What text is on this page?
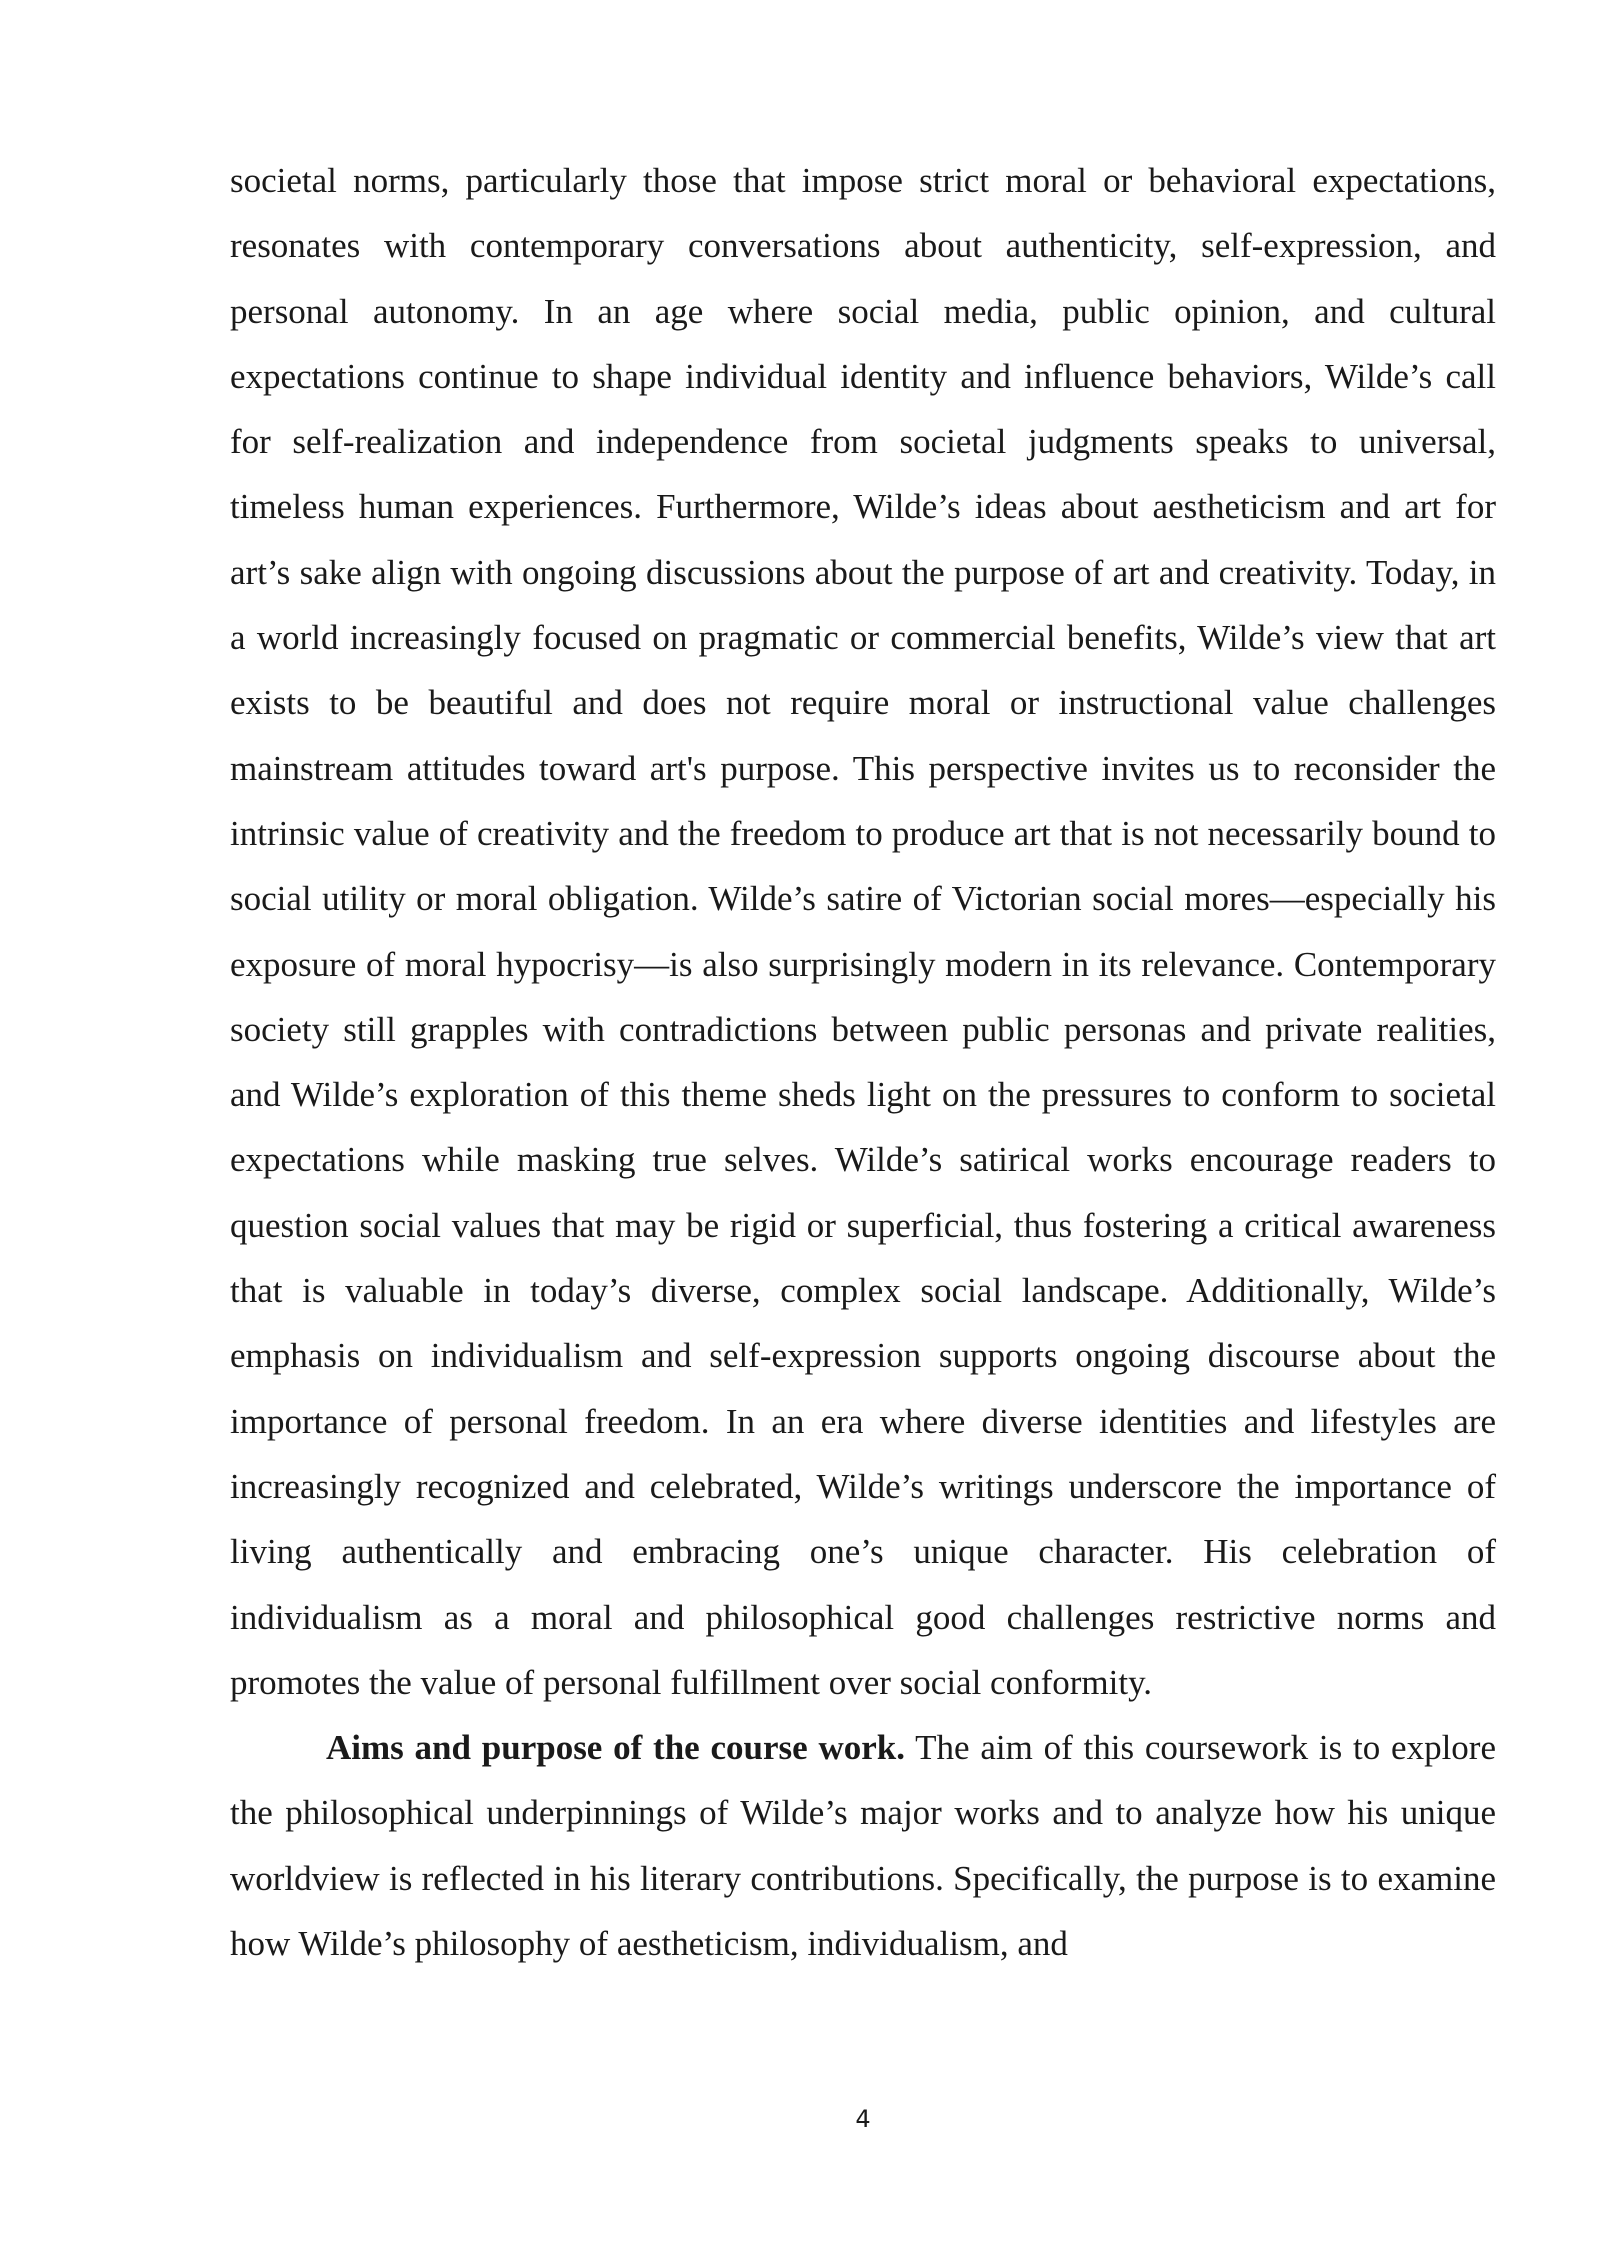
societal norms, particularly those that impose strict moral or behavioral expectations, resonates with contemporary conversations about authenticity, self-expression, and personal autonomy. In an age where social media, public opinion, and cultural expectations continue to shape individual identity and influence behaviors, Wilde’s call for self-realization and independence from societal judgments speaks to universal, timeless human experiences. Furthermore, Wilde’s ideas about aestheticism and art for art’s sake align with ongoing discussions about the purpose of art and creativity. Today, in a world increasingly focused on pragmatic or commercial benefits, Wilde’s view that art exists to be beautiful and does not require moral or instructional value challenges mainstream attitudes toward art's purpose. This perspective invites us to reconsider the intrinsic value of creativity and the freedom to produce art that is not necessarily bound to social utility or moral obligation. Wilde’s satire of Victorian social mores—especially his exposure of moral hypocrisy—is also surprisingly modern in its relevance. Contemporary society still grapples with contradictions between public personas and private realities, and Wilde’s exploration of this theme sheds light on the pressures to conform to societal expectations while masking true selves. Wilde’s satirical works encourage readers to question social values that may be rigid or superficial, thus fostering a critical awareness that is valuable in today’s diverse, complex social landscape. Additionally, Wilde’s emphasis on individualism and self-expression supports ongoing discourse about the importance of personal freedom. In an era where diverse identities and lifestyles are increasingly recognized and celebrated, Wilde’s writings underscore the importance of living authentically and embracing one’s unique character. His celebration of individualism as a moral and philosophical good challenges restrictive norms and promotes the value of personal fulfillment over social conformity.

Aims and purpose of the course work. The aim of this coursework is to explore the philosophical underpinnings of Wilde’s major works and to analyze how his unique worldview is reflected in his literary contributions. Specifically, the purpose is to examine how Wilde’s philosophy of aestheticism, individualism, and

4
